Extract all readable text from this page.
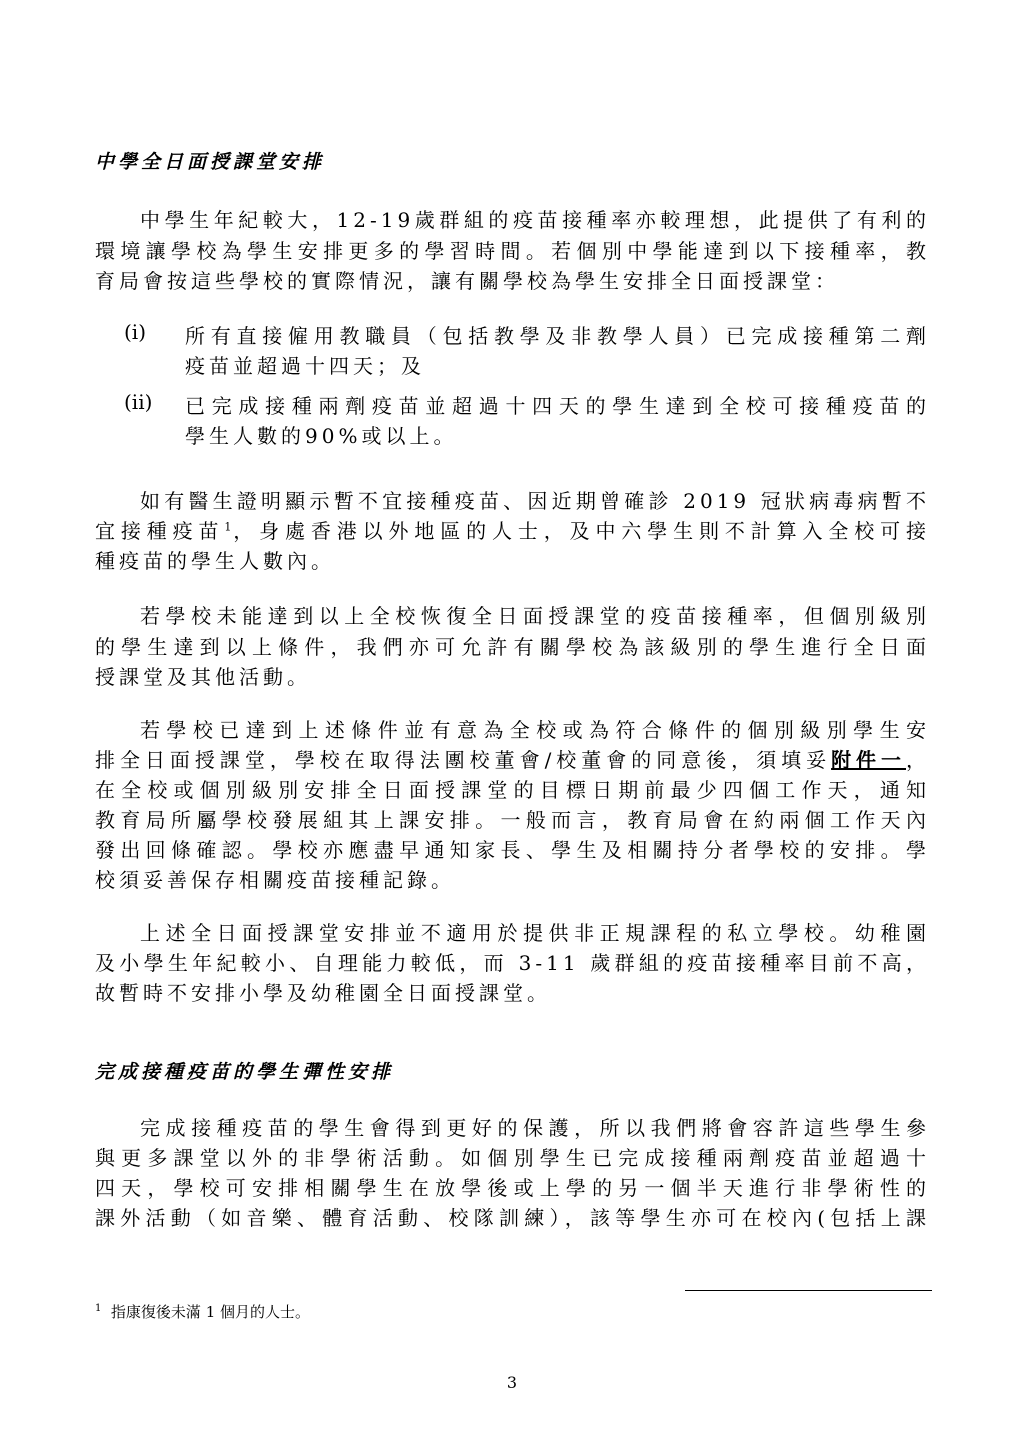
中學全日面授課堂安排
中學生年紀較大，12-19歲群組的疫苗接種率亦較理想，此提供了有利的
環境讓學校為學生安排更多的學習時間。若個別中學能達到以下接種率，教
育局會按這些學校的實際情況，讓有關學校為學生安排全日面授課堂：
(i) 所有直接僱用教職員（包括教學及非教學人員）已完成接種第二劑
疫苗並超過十四天；及
(ii) 已完成接種兩劑疫苗並超過十四天的學生達到全校可接種疫苗的
學生人數的90%或以上。
如有醫生證明顯示暫不宜接種疫苗、因近期曾確診 2019 冠狀病毒病暫不
宜接種疫苗$^1$，身處香港以外地區的人士，及中六學生則不計算入全校可接
種疫苗的學生人數內。
若學校未能達到以上全校恢復全日面授課堂的疫苗接種率，但個別級別
的學生達到以上條件，我們亦可允許有關學校為該級別的學生進行全日面
授課堂及其他活動。
若學校已達到上述條件並有意為全校或為符合條件的個別級別學生安
排全日面授課堂，學校在取得法團校董會/校董會的同意後，須填妥附件一，
在全校或個別級別安排全日面授課堂的目標日期前最少四個工作天，通知
教育局所屬學校發展組其上課安排。一般而言，教育局會在約兩個工作天內
發出回條確認。學校亦應盡早通知家長、學生及相關持分者學校的安排。學
校須妥善保存相關疫苗接種記錄。
上述全日面授課堂安排並不適用於提供非正規課程的私立學校。幼稚園
及小學生年紀較小、自理能力較低，而 3-11 歲群組的疫苗接種率目前不高，
故暫時不安排小學及幼稚園全日面授課堂。
完成接種疫苗的學生彈性安排
完成接種疫苗的學生會得到更好的保護，所以我們將會容許這些學生參
與更多課堂以外的非學術活動。如個別學生已完成接種兩劑疫苗並超過十
四天，學校可安排相關學生在放學後或上學的另一個半天進行非學術性的
課外活動（如音樂、體育活動、校隊訓練），該等學生亦可在校內(包括上課
$^1$ 指康復後未滿 1 個月的人士。
3
